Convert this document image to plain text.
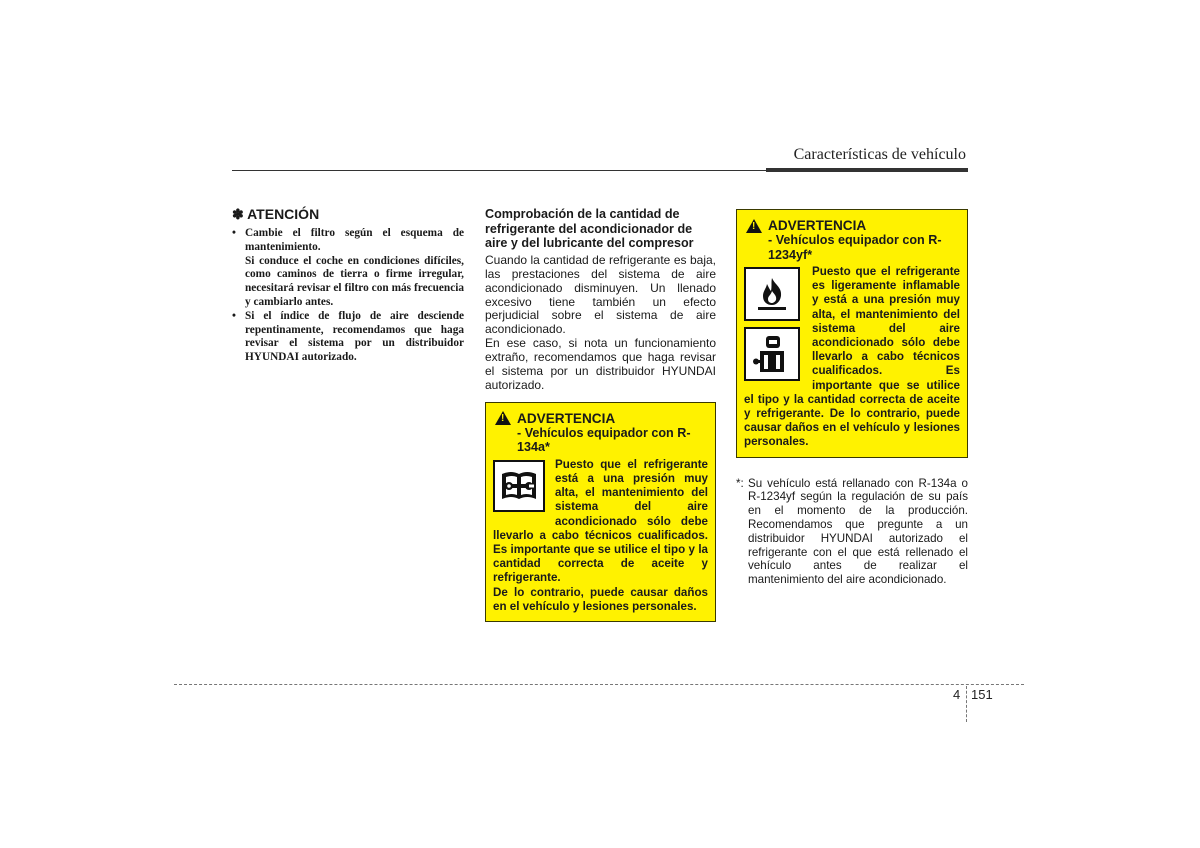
Características de vehículo
✽ ATENCIÓN

• Cambie el filtro según el esquema de mantenimiento.

Si conduce el coche en condiciones difíciles, como caminos de tierra o firme irregular, necesitará revisar el filtro con más frecuencia y cambiarlo antes.

• Si el índice de flujo de aire desciende repentinamente, recomendamos que haga revisar el sistema por un distribuidor HYUNDAI autorizado.

Comprobación de la cantidad de refrigerante del acondicionador de aire y del lubricante del compresor

Cuando la cantidad de refrigerante es baja, las prestaciones del sistema de aire acondicionado disminuyen. Un llenado excesivo tiene también un efecto perjudicial sobre el sistema de aire acondicionado.

En ese caso, si nota un funcionamiento extraño, recomendamos que haga revisar el sistema por un distribuidor HYUNDAI autorizado.

!
ADVERTENCIA
- Vehículos equipador con R-134a*

Puesto que el refrigerante está a una presión muy alta, el mantenimiento del sistema del aire acondicionado sólo debe llevarlo a cabo técnicos cualificados. Es importante que se utilice el tipo y la cantidad correcta de aceite y refrigerante.

De lo contrario, puede causar daños en el vehículo y lesiones personales.

!
ADVERTENCIA
- Vehículos equipador con R-1234yf*

Puesto que el refrigerante es ligeramente inflamable y está a una presión muy alta, el mantenimiento del sistema del aire acondicionado sólo debe llevarlo a cabo técnicos cualificados. Es importante que se utilice el tipo y la cantidad correcta de aceite y refrigerante. De lo contrario, puede causar daños en el vehículo y lesiones personales.

*: Su vehículo está rellanado con R-134a o R-1234yf según la regulación de su país en el momento de la producción. Recomendamos que pregunte a un distribuidor HYUNDAI autorizado el refrigerante con el que está rellenado el vehículo antes de realizar el mantenimiento del aire acondicionado.
4 151
